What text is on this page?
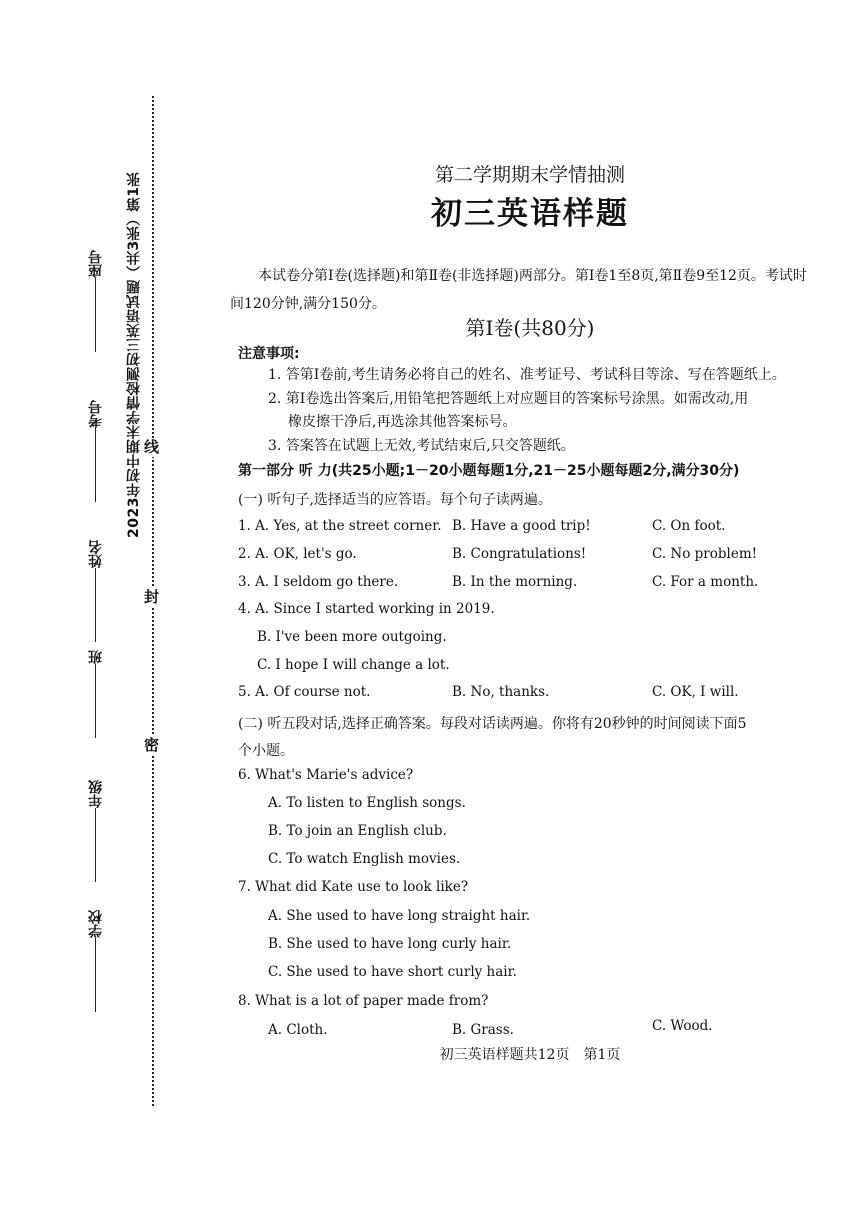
线
封
密
2023年初中期末学情检测初三英语试题（共3张）第1张
座号
考号
姓名
班
年级
学校
第二学期期末学情抽测
初三英语样题
本试卷分第Ⅰ卷(选择题)和第Ⅱ卷(非选择题)两部分。第Ⅰ卷1至8页,第Ⅱ卷9至12页。考试时间120分钟,满分150分。
第Ⅰ卷(共80分)
注意事项:
1. 答第Ⅰ卷前,考生请务必将自己的姓名、准考证号、考试科目等涂、写在答题纸上。
2. 第Ⅰ卷选出答案后,用铅笔把答题纸上对应题目的答案标号涂黑。如需改动,用
橡皮擦干净后,再选涂其他答案标号。
3. 答案答在试题上无效,考试结束后,只交答题纸。
第一部分 听 力(共25小题;1－20小题每题1分,21－25小题每题2分,满分30分)
(一) 听句子,选择适当的应答语。每个句子读两遍。
1. A. Yes, at the street corner. B. Have a good trip!	C. On foot.
2. A. OK, let's go.	B. Congratulations!	C. No problem!
3. A. I seldom go there.	B. In the morning.	C. For a month.
4. A. Since I started working in 2019.
B. I've been more outgoing.
C. I hope I will change a lot.
5. A. Of course not.	B. No, thanks.	C. OK, I will.
(二) 听五段对话,选择正确答案。每段对话读两遍。你将有20秒钟的时间阅读下面5
个小题。
6. What's Marie's advice?
A. To listen to English songs.
B. To join an English club.
C. To watch English movies.
7. What did Kate use to look like?
A. She used to have long straight hair.
B. She used to have long curly hair.
C. She used to have short curly hair.
8. What is a lot of paper made from?
A. Cloth.	B. Grass.	C. Wood.
初三英语样题共12页　第1页
